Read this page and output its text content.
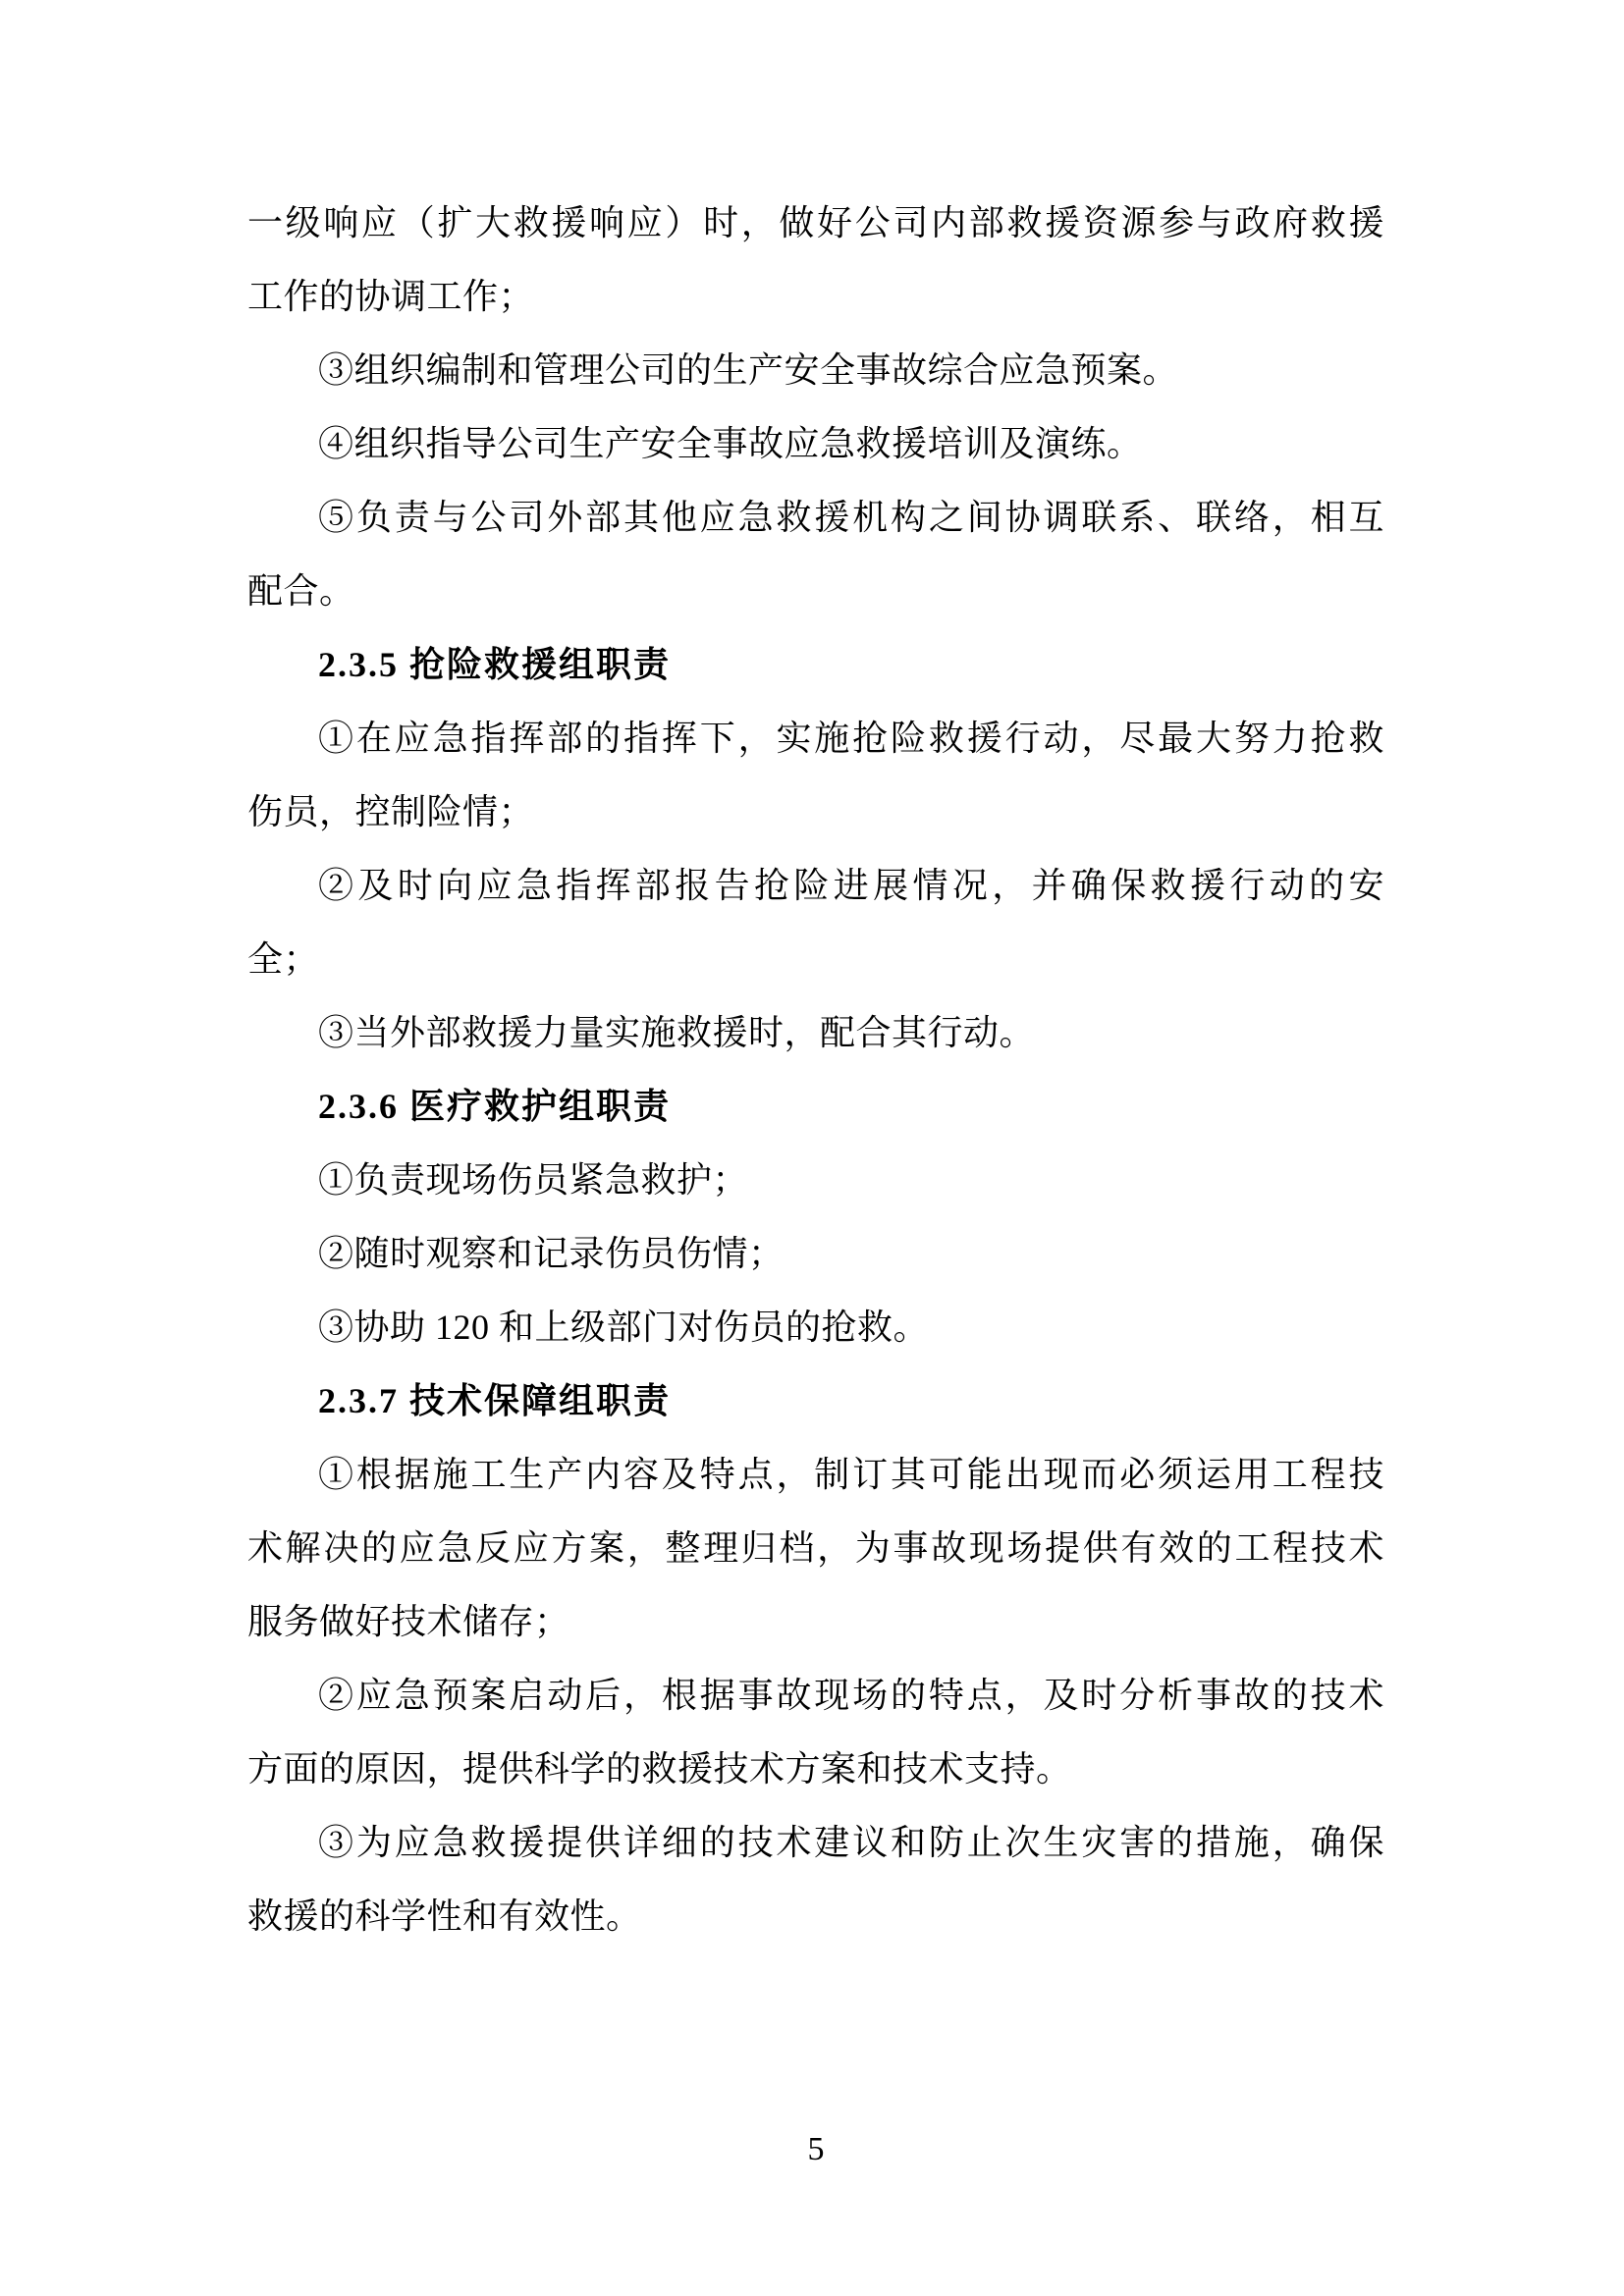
一级响应（扩大救援响应）时，做好公司内部救援资源参与政府救援
工作的协调工作；
③组织编制和管理公司的生产安全事故综合应急预案。
④组织指导公司生产安全事故应急救援培训及演练。
⑤负责与公司外部其他应急救援机构之间协调联系、联络，相互
配合。
2.3.5 抢险救援组职责
①在应急指挥部的指挥下，实施抢险救援行动，尽最大努力抢救
伤员，控制险情；
②及时向应急指挥部报告抢险进展情况，并确保救援行动的安
全；
③当外部救援力量实施救援时，配合其行动。
2.3.6 医疗救护组职责
①负责现场伤员紧急救护；
②随时观察和记录伤员伤情；
③协助 120 和上级部门对伤员的抢救。
2.3.7 技术保障组职责
①根据施工生产内容及特点，制订其可能出现而必须运用工程技
术解决的应急反应方案，整理归档，为事故现场提供有效的工程技术
服务做好技术储存；
②应急预案启动后，根据事故现场的特点，及时分析事故的技术
方面的原因，提供科学的救援技术方案和技术支持。
③为应急救援提供详细的技术建议和防止次生灾害的措施，确保
救援的科学性和有效性。
5
